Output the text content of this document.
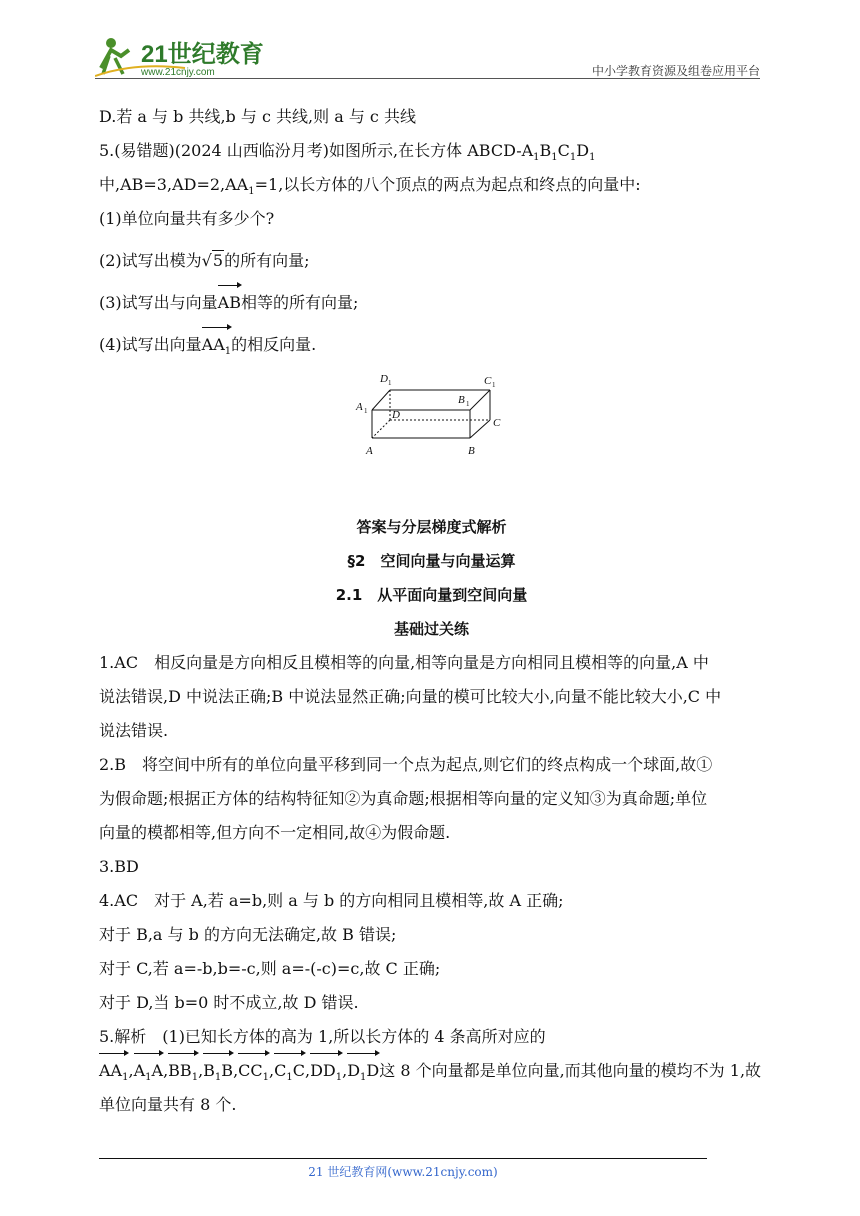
21世纪教育
www.21cnjy.com	中小学教育资源及组卷应用平台
D.若 a 与 b 共线,b 与 c 共线,则 a 与 c 共线
5.(易错题)(2024 山西临汾月考)如图所示,在长方体 ABCD-$A_1B_1C_1D_1$
中$,AB=3,AD=2,AA_1=1$,以长方体的八个顶点的两点为起点和终点的向量中:
(1)单位向量共有多少个?
(2)试写出模为√5的所有向量;
(3)试写出与向量AB相等的所有向量;
(4)试写出向量$AA_1$的相反向量.
答案与分层梯度式解析
§2　空间向量与向量运算
2.1　从平面向量到空间向量
基础过关练
1.AC　相反向量是方向相反且模相等的向量,相等向量是方向相同且模相等的向量,A 中
说法错误,D 中说法正确;B 中说法显然正确;向量的模可比较大小,向量不能比较大小,C 中
说法错误.
2.B　将空间中所有的单位向量平移到同一个点为起点,则它们的终点构成一个球面,故①
为假命题;根据正方体的结构特征知②为真命题;根据相等向量的定义知③为真命题;单位
向量的模都相等,但方向不一定相同,故④为假命题.
3.BD
4.AC　对于 A,若 a=b,则 a 与 b 的方向相同且模相等,故 A 正确;
对于 B,a 与 b 的方向无法确定,故 B 错误;
对于 C,若 a=-b,b=-c,则 a=-(-c)=c,故 C 正确;
对于 D,当 b=0 时不成立,故 D 错误.
5.解析　(1)已知长方体的高为 1,所以长方体的 4 条高所对应的
$AA_1,A_1A,BB_1,B_1B,CC_1,C_1C,DD_1,D_1D$这 8 个向量都是单位向量,而其他向量的模均不为 1,故
单位向量共有 8 个.
D 1	C 1
A 1
B 1
D
C
A	B
21 世纪教育网(www.21cnjy.com)
